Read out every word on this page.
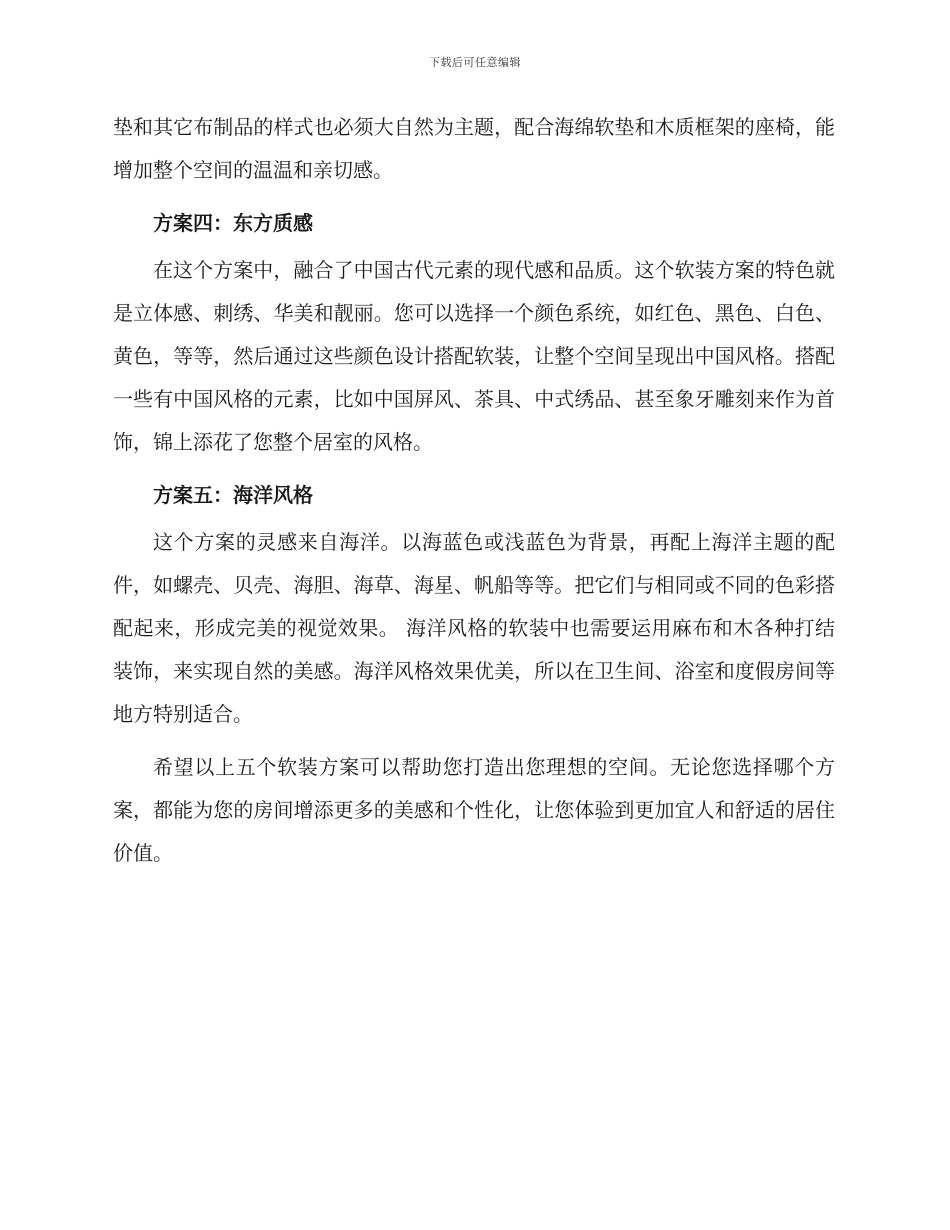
下载后可任意编辑

垫和其它布制品的样式也必须大自然为主题，配合海绵软垫和木质框架的座椅，能增加整个空间的温温和亲切感。

方案四：东方质感

在这个方案中，融合了中国古代元素的现代感和品质。这个软装方案的特色就是立体感、刺绣、华美和靓丽。您可以选择一个颜色系统，如红色、黑色、白色、黄色，等等，然后通过这些颜色设计搭配软装，让整个空间呈现出中国风格。搭配一些有中国风格的元素，比如中国屏风、茶具、中式绣品、甚至象牙雕刻来作为首饰，锦上添花了您整个居室的风格。

方案五：海洋风格

这个方案的灵感来自海洋。以海蓝色或浅蓝色为背景，再配上海洋主题的配件，如螺壳、贝壳、海胆、海草、海星、帆船等等。把它们与相同或不同的色彩搭配起来，形成完美的视觉效果。 海洋风格的软装中也需要运用麻布和木各种打结装饰，来实现自然的美感。海洋风格效果优美，所以在卫生间、浴室和度假房间等地方特别适合。

希望以上五个软装方案可以帮助您打造出您理想的空间。无论您选择哪个方案，都能为您的房间增添更多的美感和个性化，让您体验到更加宜人和舒适的居住价值。
